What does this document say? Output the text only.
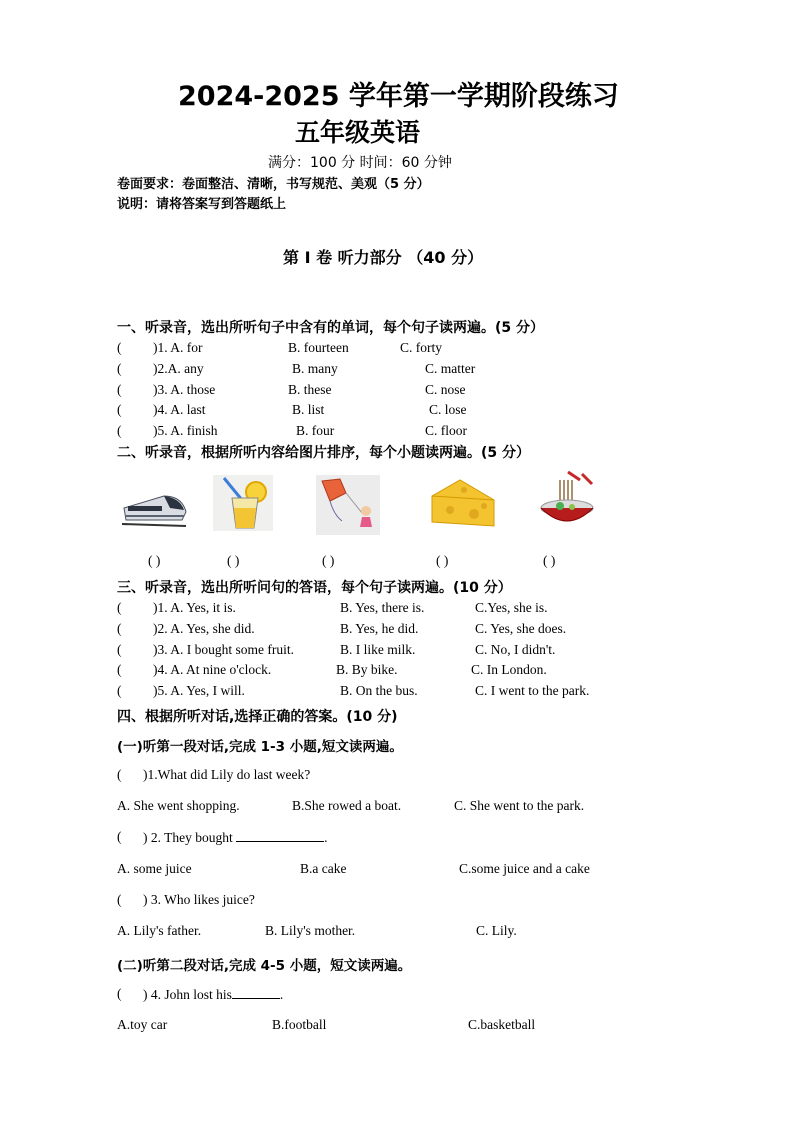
2024-2025 学年第一学期阶段练习
五年级英语
满分：100 分 时间：60 分钟
卷面要求：卷面整洁、清晰，书写规范、美观（5 分）
说明：请将答案写到答题纸上
第 I 卷 听力部分 （40 分）
一、听录音，选出所听句子中含有的单词，每个句子读两遍。(5 分）
( )1. A. for	B. fourteen	C. forty
( )2.A. any	B. many	C. matter
( )3. A. those	B. these	C. nose
( )4. A. last	B. list	C. lose
( )5. A. finish	B. four	C. floor
二、听录音，根据所听内容给图片排序，每个小题读两遍。(5 分）
( )	( )	( )	( )	( )
三、听录音，选出所听问句的答语，每个句子读两遍。(10 分）
( )1. A. Yes, it is.	B. Yes, there is.	C.Yes, she is.
( )2. A. Yes, she did.	B. Yes, he did.	C. Yes, she does.
( )3. A. I bought some fruit.	B. I like milk.	C. No, I didn't.
( )4. A. At nine o'clock.	B. By bike.	C. In London.
( )5. A. Yes, I will.	B. On the bus.	C. I went to the park.
四、根据所听对话,选择正确的答案。(10 分)
(一)听第一段对话,完成 1-3 小题,短文读两遍。
( )1.What did Lily do last week?
A. She went shopping.	B.She rowed a boat.	C. She went to the park.
( ) 2. They bought	.
A. some juice	B.a cake	C.some juice and a cake
( ) 3. Who likes juice?
A. Lily's father.	B. Lily's mother.	C. Lily.
(二)听第二段对话,完成 4-5 小题，短文读两遍。
( ) 4. John lost his	.
A.toy car	B.football	C.basketball
